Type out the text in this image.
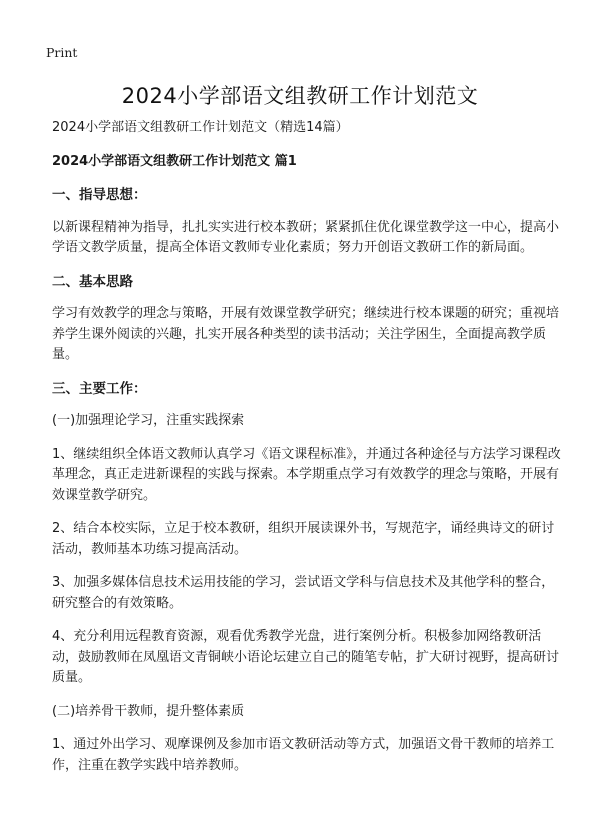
Print
2024小学部语文组教研工作计划范文

2024小学部语文组教研工作计划范文（精选14篇）

2024小学部语文组教研工作计划范文 篇1

一、指导思想：

以新课程精神为指导，扎扎实实进行校本教研；紧紧抓住优化课堂教学这一中心，提高小学语文教学质量，提高全体语文教师专业化素质；努力开创语文教研工作的新局面。

二、基本思路

学习有效教学的理念与策略，开展有效课堂教学研究；继续进行校本课题的研究；重视培养学生课外阅读的兴趣，扎实开展各种类型的读书活动；关注学困生，全面提高教学质量。

三、主要工作：

(一)加强理论学习，注重实践探索

1、继续组织全体语文教师认真学习《语文课程标准》，并通过各种途径与方法学习课程改革理念，真正走进新课程的实践与探索。本学期重点学习有效教学的理念与策略，开展有效课堂教学研究。

2、结合本校实际，立足于校本教研，组织开展读课外书，写规范字，诵经典诗文的研讨活动，教师基本功练习提高活动。

3、加强多媒体信息技术运用技能的学习，尝试语文学科与信息技术及其他学科的整合，研究整合的有效策略。

4、充分利用远程教育资源，观看优秀教学光盘，进行案例分析。积极参加网络教研活动，鼓励教师在凤凰语文青铜峡小语论坛建立自己的随笔专帖，扩大研讨视野，提高研讨质量。

(二)培养骨干教师，提升整体素质

1、通过外出学习、观摩课例及参加市语文教研活动等方式，加强语文骨干教师的培养工作，注重在教学实践中培养教师。
